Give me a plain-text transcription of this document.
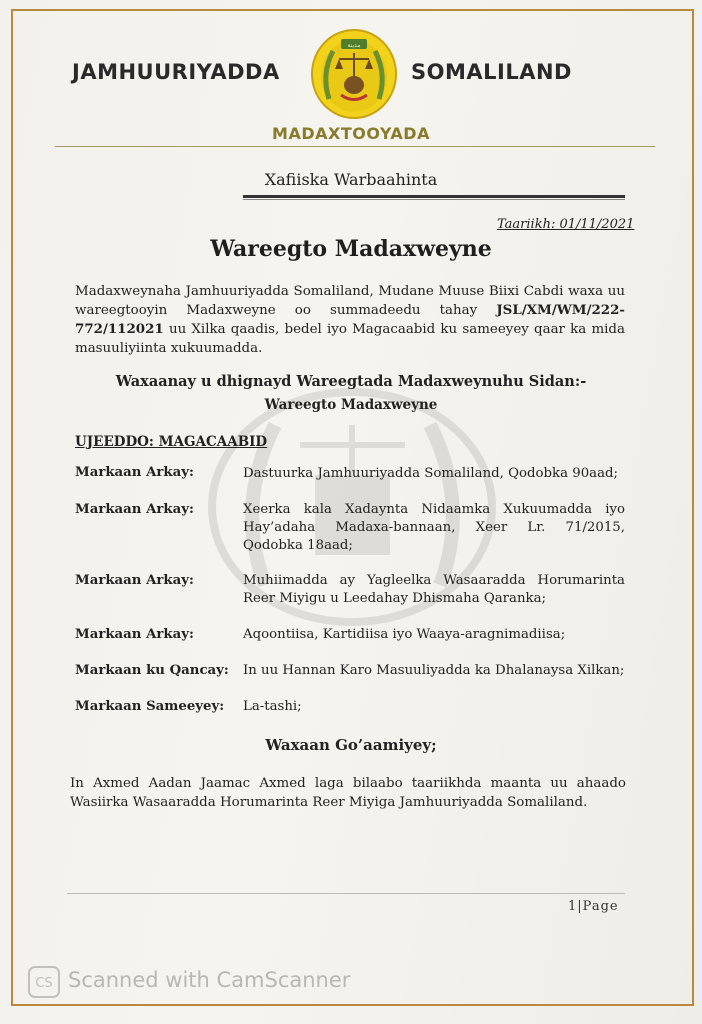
JAMHUURIYADDA
مدينة
SOMALILAND
MADAXTOOYADA
Xafiiska Warbaahinta
Taariikh: 01/11/2021
Wareegto Madaxweyne
Madaxweynaha Jamhuuriyadda Somaliland, Mudane Muuse Biixi Cabdi waxa uu wareegtooyin Madaxweyne oo summadeedu tahay JSL/XM/WM/222-772/112021 uu Xilka qaadis, bedel iyo Magacaabid ku sameeyey qaar ka mida masuuliyiinta xukuumadda.
Waxaanay u dhignayd Wareegtada Madaxweynuhu Sidan:-
Wareegto Madaxweyne
UJEEDDO: MAGACAABID
Markaan Arkay:	Dastuurka Jamhuuriyadda Somaliland, Qodobka 90aad;
Markaan Arkay:	Xeerka kala Xadaynta Nidaamka Xukuumadda iyo Hay’adaha Madaxa-bannaan, Xeer Lr. 71/2015, Qodobka 18aad;
Markaan Arkay:	Muhiimadda ay Yagleelka Wasaaradda Horumarinta Reer Miyigu u Leedahay Dhismaha Qaranka;
Markaan Arkay:	Aqoontiisa, Kartidiisa iyo Waaya-aragnimadiisa;
Markaan ku Qancay: In uu Hannan Karo Masuuliyadda ka Dhalanaysa Xilkan;
Markaan Sameeyey: La-tashi;
Waxaan Go’aamiyey;
In Axmed Aadan Jaamac Axmed laga bilaabo taariikhda maanta uu ahaado Wasiirka Wasaaradda Horumarinta Reer Miyiga Jamhuuriyadda Somaliland.
1|Page
CS Scanned with CamScanner
